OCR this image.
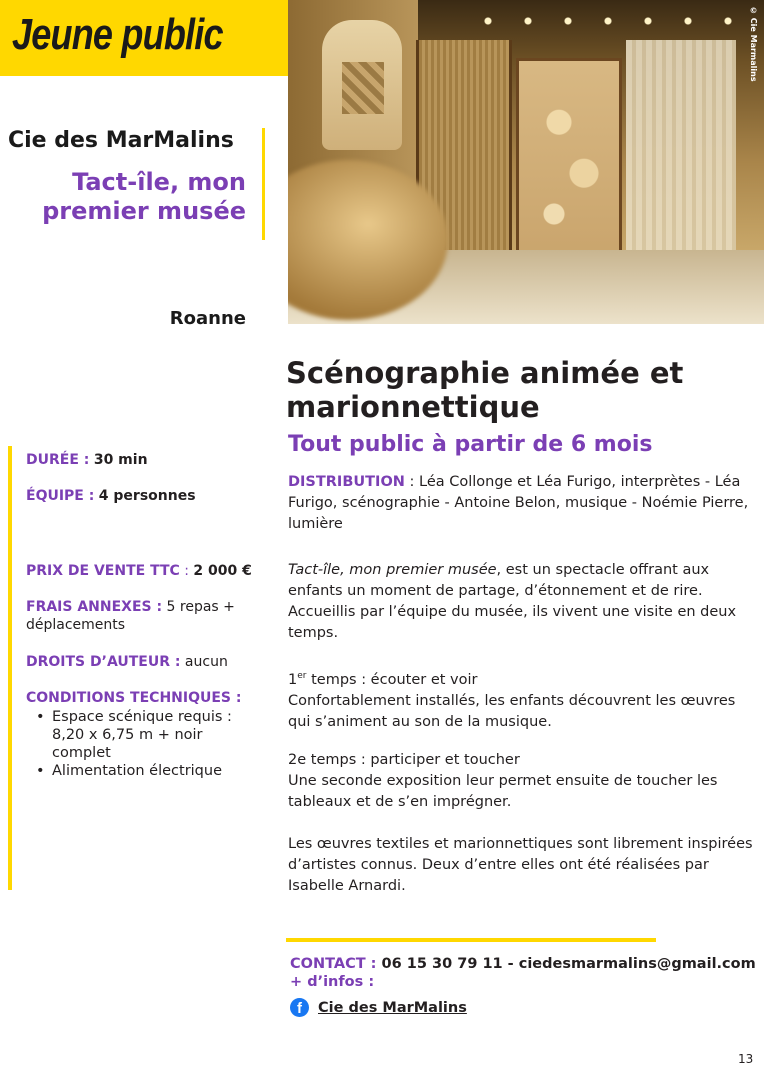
Jeune public	© Cie Marmalins
Cie des MarMalins
Tact-île, mon
premier musée
Roanne
DURÉE : 30 min
ÉQUIPE : 4 personnes
PRIX DE VENTE TTC : 2 000 €
FRAIS ANNEXES : 5 repas + déplacements
DROITS D’AUTEUR : aucun
CONDITIONS TECHNIQUES :
• Espace scénique requis : 8,20 x 6,75 m + noir complet
• Alimentation électrique
Scénographie animée et
marionnettique
Tout public à partir de 6 mois
DISTRIBUTION : Léa Collonge et Léa Furigo, interprètes - Léa Furigo, scénographie - Antoine Belon, musique - Noémie Pierre, lumière
Tact-île, mon premier musée, est un spectacle offrant aux enfants un moment de partage, d’étonnement et de rire. Accueillis par l’équipe du musée, ils vivent une visite en deux temps.
1er temps : écouter et voir
Confortablement installés, les enfants découvrent les œuvres qui s’animent au son de la musique.
2e temps : participer et toucher
Une seconde exposition leur permet ensuite de toucher les tableaux et de s’en imprégner.
Les œuvres textiles et marionnettiques sont librement inspirées d’artistes connus. Deux d’entre elles ont été réalisées par Isabelle Arnardi.
CONTACT : 06 15 30 79 11 - ciedesmarmalins@gmail.com
+ d’infos :
f	Cie des MarMalins
13
